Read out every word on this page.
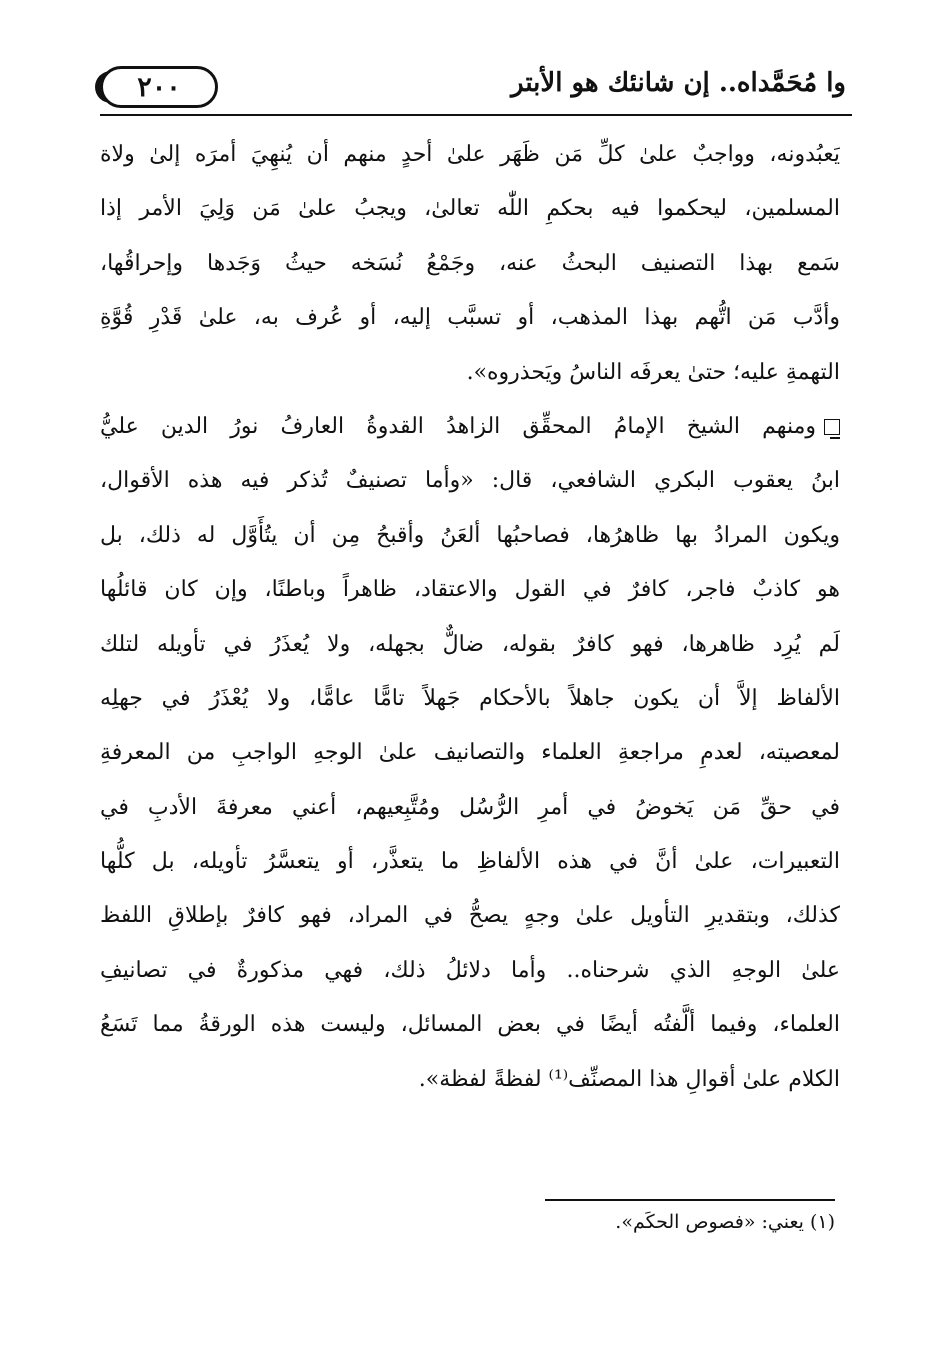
٢٠٠	وا مُحَمَّداه.. إن شانئك هو الأبتر
يَعبُدونه، وواجبٌ علىٰ كلِّ مَن ظَهَر علىٰ أحدٍ منهم أن يُنهِيَ أمرَه إلىٰ ولاة
المسلمين، ليحكموا فيه بحكمِ اللّٰه تعالىٰ، ويجبُ علىٰ مَن وَلِيَ الأمر إذا
سَمع بهذا التصنيف البحثُ عنه، وجَمْعُ نُسَخه حيثُ وَجَدها وإحراقُها،
وأدَّب مَن اتُّهم بهذا المذهب، أو تسبَّب إليه، أو عُرف به، علىٰ قَدْرِ قُوَّةِ
التهمةِ عليه؛ حتىٰ يعرفَه الناسُ ويَحذروه».
ومنهم الشيخ الإمامُ المحقِّق الزاهدُ القدوةُ العارفُ نورُ الدين عليُّ
ابنُ يعقوب البكري الشافعي، قال: «وأما تصنيفٌ تُذكر فيه هذه الأقوال،
ويكون المرادُ بها ظاهرُها، فصاحبُها ألعَنُ وأقبحُ مِن أن يتُأَوَّل له ذلك، بل
هو كاذبٌ فاجر، كافرٌ في القول والاعتقاد، ظاهراً وباطنًا، وإن كان قائلُها
لَم يُرِد ظاهرها، فهو كافرٌ بقوله، ضالٌّ بجهله، ولا يُعذَرُ في تأويله لتلك
الألفاظ إلاَّ أن يكون جاهلاً بالأحكام جَهلاً تامًّا عامًّا، ولا يُعْذَرُ في جهلِه
لمعصيته، لعدمِ مراجعةِ العلماء والتصانيف علىٰ الوجهِ الواجبِ من المعرفةِ
في حقِّ مَن يَخوضُ في أمرِ الرُّسُل ومُتَّبِعيهم، أعني معرفةَ الأدبِ في
التعبيرات، علىٰ أنَّ في هذه الألفاظِ ما يتعذَّر، أو يتعسَّرُ تأويله، بل كلُّها
كذلك، وبتقديرِ التأويل علىٰ وجهٍ يصحُّ في المراد، فهو كافرٌ بإطلاقِ اللفظ
علىٰ الوجهِ الذي شرحناه.. وأما دلائلُ ذلك، فهي مذكورةٌ في تصانيفِ
العلماء، وفيما ألَّفتُه أيضًا في بعض المسائل، وليست هذه الورقةُ مما تَسَعُ
الكلام علىٰ أقوالِ هذا المصنِّف⁽¹⁾ لفظةً لفظة».
(١) يعني: «فصوص الحكَم».
